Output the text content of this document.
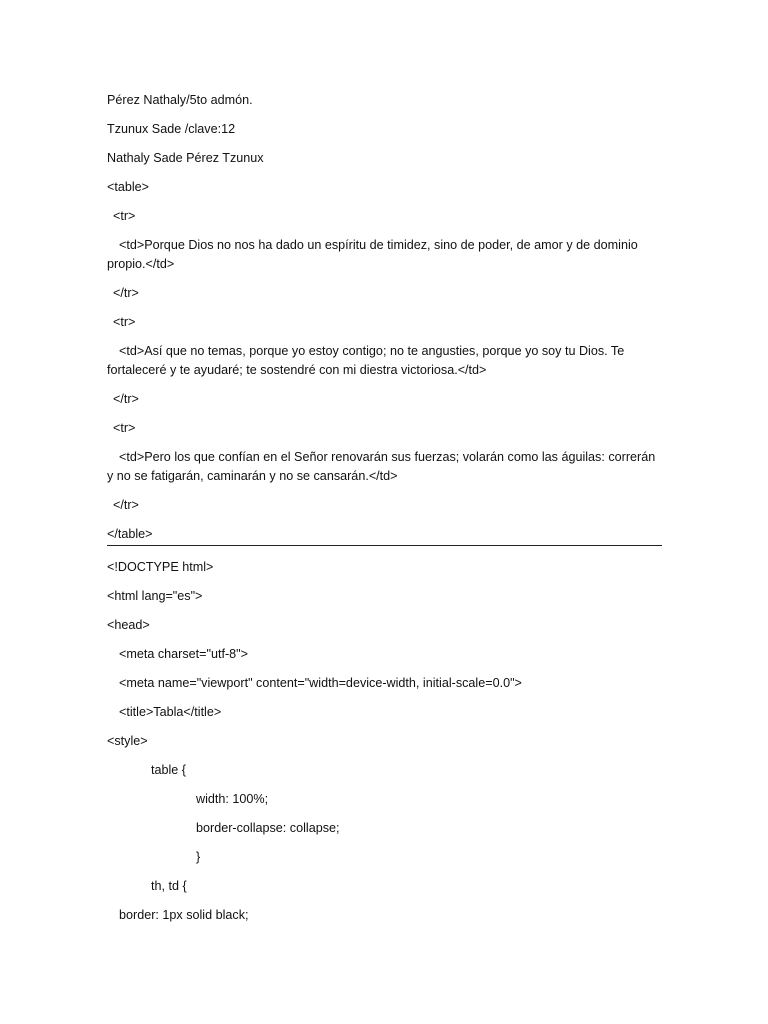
Pérez Nathaly/5to admón.

Tzunux Sade /clave:12

Nathaly Sade Pérez Tzunux

<table>

<tr>

<td>Porque Dios no nos ha dado un espíritu de timidez, sino de poder, de amor y de dominio propio.</td>

</tr>

<tr>

<td>Así que no temas, porque yo estoy contigo; no te angusties, porque yo soy tu Dios. Te fortaleceré y te ayudaré; te sostendré con mi diestra victoriosa.</td>

</tr>

<tr>

<td>Pero los que confían en el Señor renovarán sus fuerzas; volarán como las águilas: correrán y no se fatigarán, caminarán y no se cansarán.</td>

</tr>

</table>

<!DOCTYPE html>

<html lang="es">

<head>

<meta charset="utf-8">

<meta name="viewport" content="width=device-width, initial-scale=0.0">

<title>Tabla</title>

<style>

table {

width: 100%;

border-collapse: collapse;

}

th, td {

border: 1px solid black;
